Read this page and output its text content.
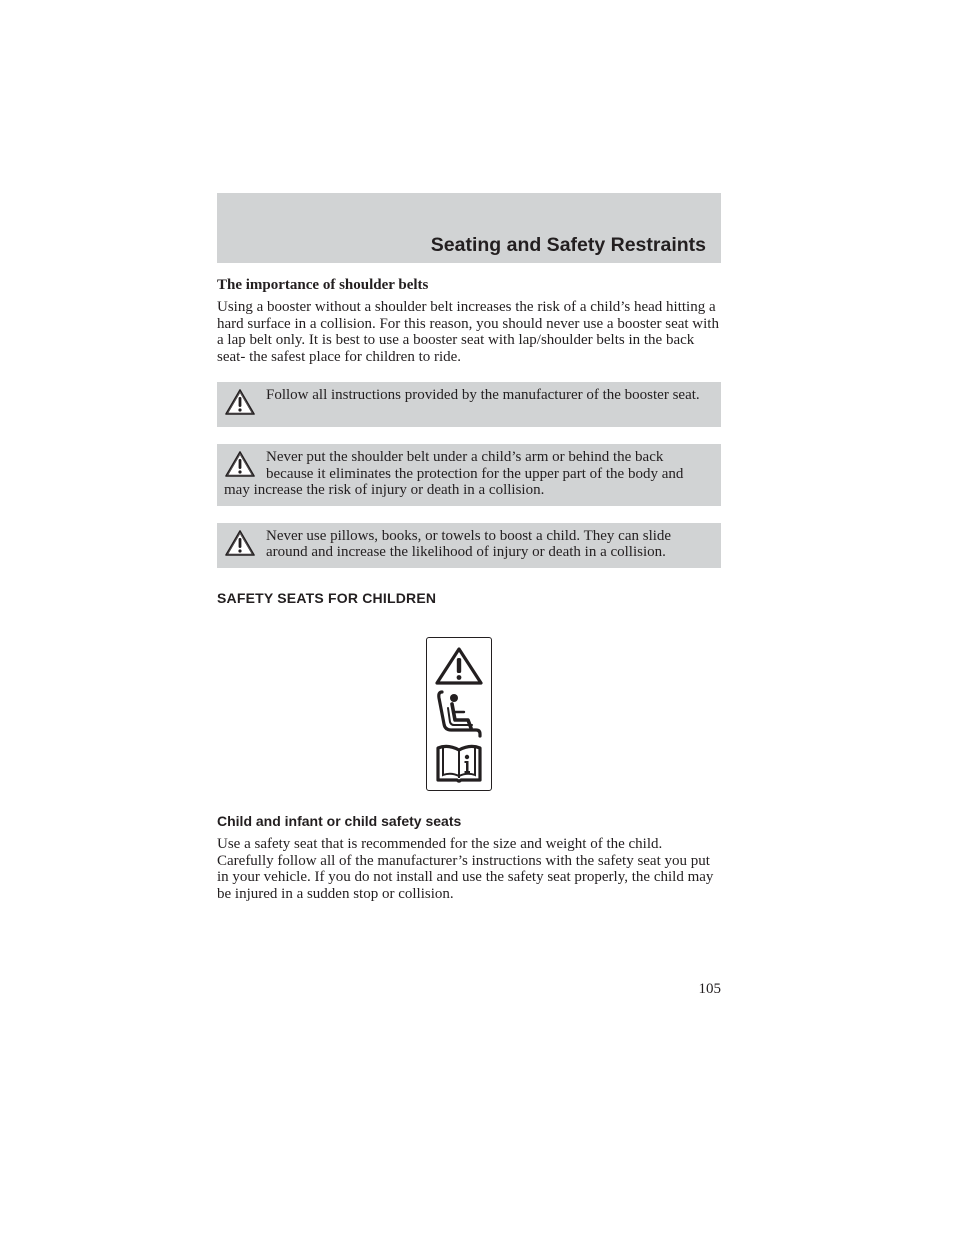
Seating and Safety Restraints

The importance of shoulder belts

Using a booster without a shoulder belt increases the risk of a child’s head hitting a hard surface in a collision. For this reason, you should never use a booster seat with a lap belt only. It is best to use a booster seat with lap/shoulder belts in the back seat- the safest place for children to ride.

Follow all instructions provided by the manufacturer of the booster seat.
Never put the shoulder belt under a child’s arm or behind the back because it eliminates the protection for the upper part of the body and may increase the risk of injury or death in a collision.
Never use pillows, books, or towels to boost a child. They can slide around and increase the likelihood of injury or death in a collision.

SAFETY SEATS FOR CHILDREN

Child and infant or child safety seats

Use a safety seat that is recommended for the size and weight of the child. Carefully follow all of the manufacturer’s instructions with the safety seat you put in your vehicle. If you do not install and use the safety seat properly, the child may be injured in a sudden stop or collision.

105
